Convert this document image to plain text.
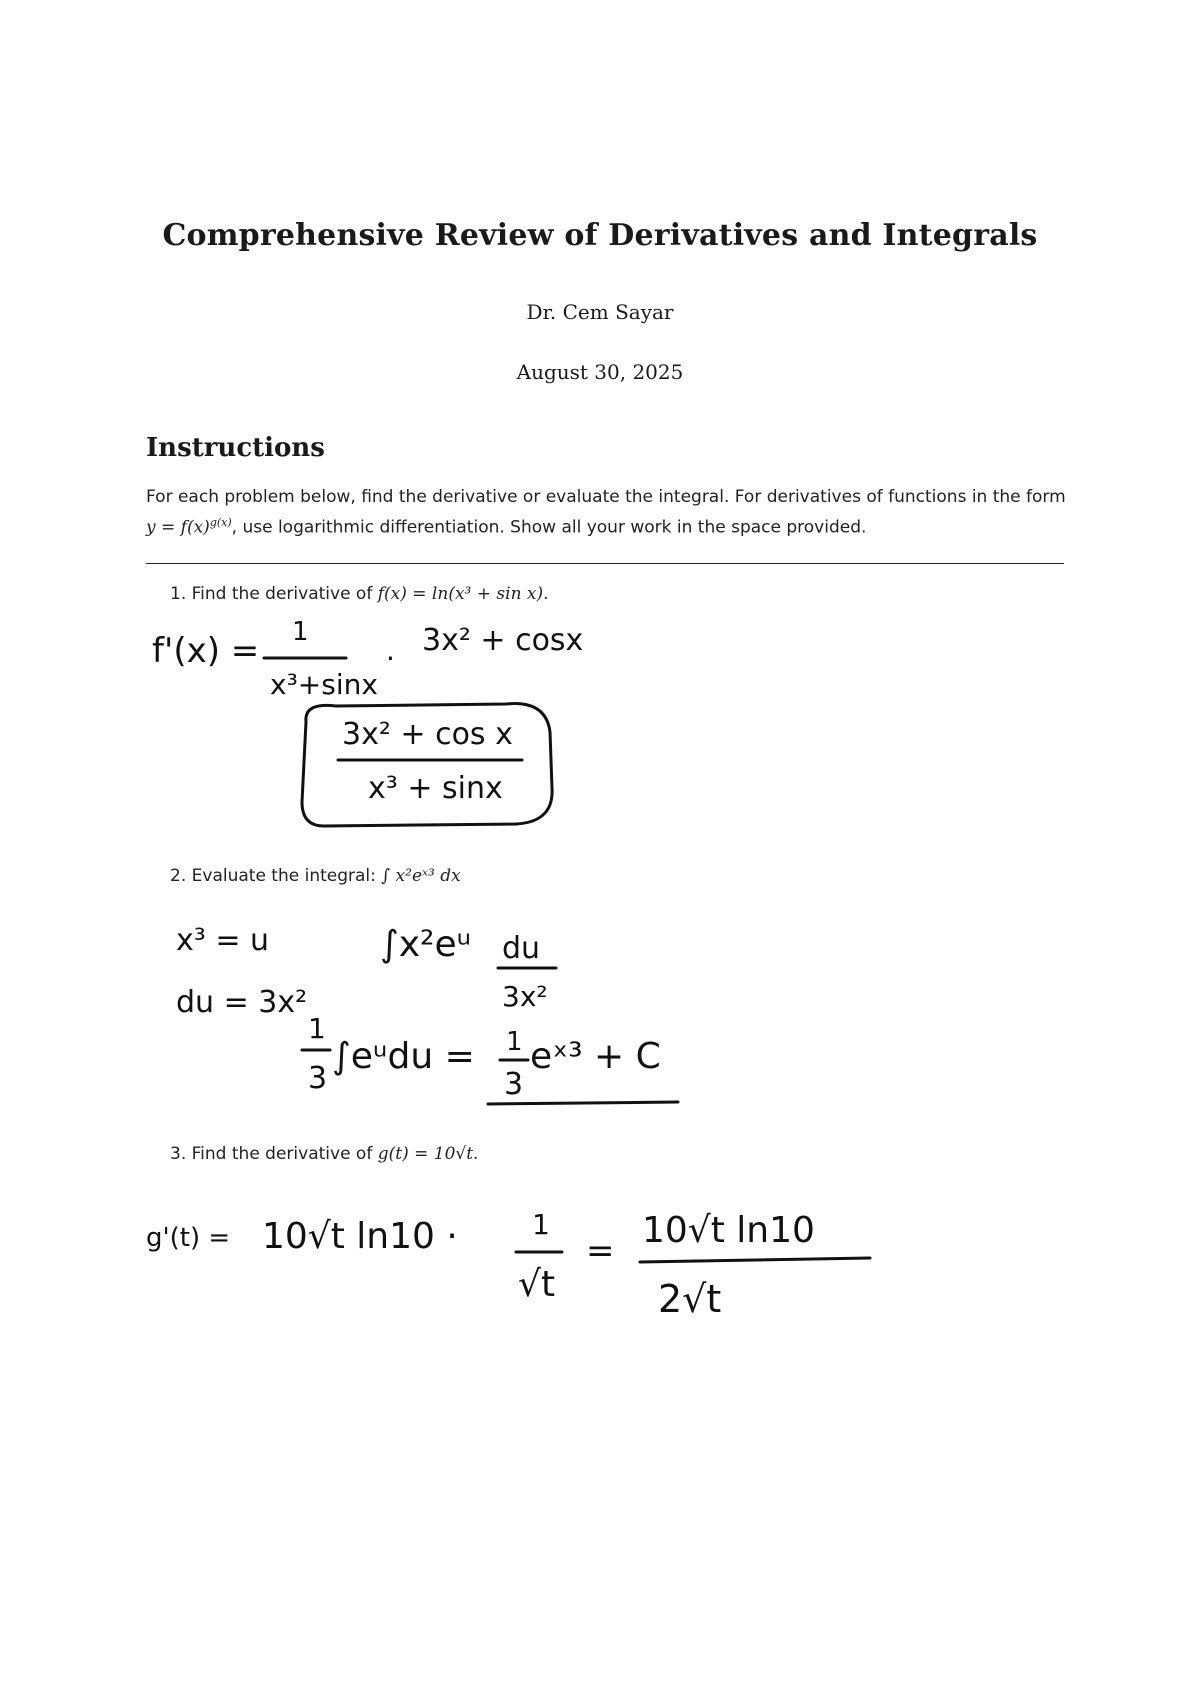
Comprehensive Review of Derivatives and Integrals
Dr. Cem Sayar
August 30, 2025
Instructions
For each problem below, find the derivative or evaluate the integral. For derivatives of functions in the form $y = f(x)^{g(x)}$, use logarithmic differentiation. Show all your work in the space provided.
1. Find the derivative of f(x) = ln(x³ + sin x).
f'(x) = 1
x³+sinx
·
3x² + cosx
3x² + cos x
x³ + sinx
2. Evaluate the integral: ∫ x²eˣ³ dx
x³ = u
du = 3x²
∫x²eᵘ du
3x²
1
3
∫eᵘdu = 1
3
eˣ³ + C
3. Find the derivative of g(t) = 10√t.
g'(t) = 10√t ln10 ·	1
√t
= 10√t ln10
2√t
